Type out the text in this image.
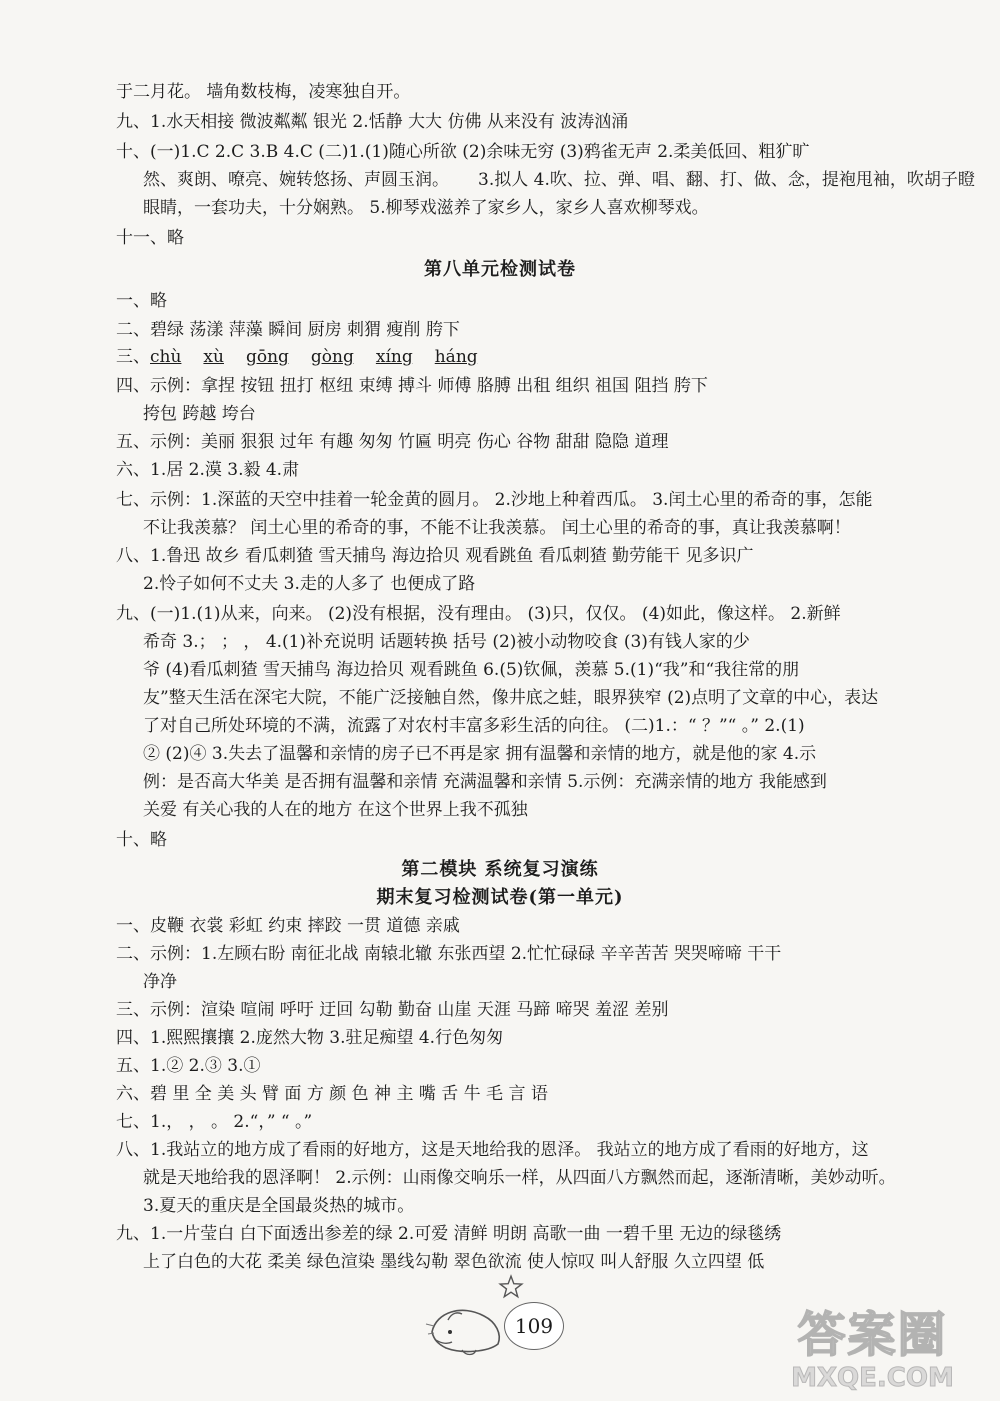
于二月花。 墙角数枝梅，凌寒独自开。
九、1.水天相接 微波粼粼 银光 2.恬静 大大 仿佛 从来没有 波涛汹涌
十、(一)1.C 2.C 3.B 4.C (二)1.(1)随心所欲 (2)余味无穷 (3)鸦雀无声 2.柔美低回、粗犷旷
然、爽朗、嘹亮、婉转悠扬、声圆玉润。	3.拟人 4.吹、拉、弹、唱、翻、打、做、念，提袍甩袖，吹胡子瞪
眼睛，一套功夫，十分娴熟。 5.柳琴戏滋养了家乡人，家乡人喜欢柳琴戏。
十一、略
第八单元检测试卷
一、略
二、碧绿 荡漾 萍藻 瞬间 厨房 刺猬 瘦削 胯下
三、chù xù gōng gòng xíng háng
四、示例：拿捏 按钮 扭打 枢纽 束缚 搏斗 师傅 胳膊 出租 组织 祖国 阻挡 胯下
挎包 跨越 垮台
五、示例：美丽 狠狠 过年 有趣 匆匆 竹匾 明亮 伤心 谷物 甜甜 隐隐 道理
六、1.居 2.漠 3.毅 4.肃
七、示例：1.深蓝的天空中挂着一轮金黄的圆月。 2.沙地上种着西瓜。 3.闰土心里的希奇的事，怎能
不让我羡慕？ 闰土心里的希奇的事，不能不让我羡慕。 闰土心里的希奇的事，真让我羡慕啊！
八、1.鲁迅 故乡 看瓜刺猹 雪天捕鸟 海边拾贝 观看跳鱼 看瓜刺猹 勤劳能干 见多识广
2.怜子如何不丈夫 3.走的人多了 也便成了路
九、(一)1.(1)从来，向来。 (2)没有根据，没有理由。 (3)只，仅仅。 (4)如此，像这样。 2.新鲜
希奇 3.； ； ， 4.(1)补充说明 话题转换 括号 (2)被小动物咬食 (3)有钱人家的少
爷 (4)看瓜刺猹 雪天捕鸟 海边拾贝 观看跳鱼 6.(5)钦佩，羡慕 5.(1)“我”和“我往常的朋
友”整天生活在深宅大院，不能广泛接触自然，像井底之蛙，眼界狭窄 (2)点明了文章的中心，表达
了对自己所处环境的不满，流露了对农村丰富多彩生活的向往。 (二)1.：“ ？”“ 。” 2.(1)
② (2)④ 3.失去了温馨和亲情的房子已不再是家 拥有温馨和亲情的地方，就是他的家 4.示
例：是否高大华美 是否拥有温馨和亲情 充满温馨和亲情 5.示例：充满亲情的地方 我能感到
关爱 有关心我的人在的地方 在这个世界上我不孤独
十、略
第二模块 系统复习演练
期末复习检测试卷(第一单元)
一、皮鞭 衣裳 彩虹 约束 摔跤 一贯 道德 亲戚
二、示例：1.左顾右盼 南征北战 南辕北辙 东张西望 2.忙忙碌碌 辛辛苦苦 哭哭啼啼 干干
净净
三、示例：渲染 喧闹 呼吁 迂回 勾勒 勤奋 山崖 天涯 马蹄 啼哭 羞涩 差别
四、1.熙熙攘攘 2.庞然大物 3.驻足痴望 4.行色匆匆
五、1.② 2.③ 3.①
六、碧 里 全 美 头 臂 面 方 颜 色 神 主 嘴 舌 牛 毛 言 语
七、1.， ， 。 2.“，” “ 。”
八、1.我站立的地方成了看雨的好地方，这是天地给我的恩泽。 我站立的地方成了看雨的好地方，这
就是天地给我的恩泽啊！ 2.示例：山雨像交响乐一样，从四面八方飘然而起，逐渐清晰，美妙动听。
3.夏天的重庆是全国最炎热的城市。
九、1.一片莹白 白下面透出参差的绿 2.可爱 清鲜 明朗 高歌一曲 一碧千里 无边的绿毯绣
上了白色的大花 柔美 绿色渲染 墨线勾勒 翠色欲流 使人惊叹 叫人舒服 久立四望 低
109	答案圈
MXQE.COM
